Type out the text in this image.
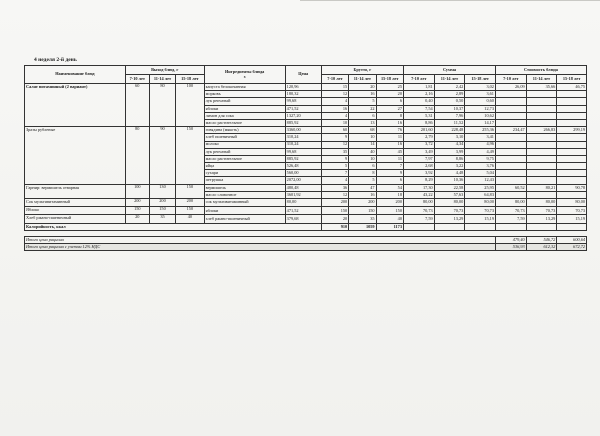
4 неделя 2-й день
Наименование блюд	Выход блюд, г			Ингредиенты блюда
з	Цена	Брутто, г			Сумма			Стоимость блюда		
	7-10 лет	11-14 лет	15-18 лет			7-10 лет	11-14 лет	15-18 лет	7-10 лет	11-14 лет	15-18 лет	7-10 лет	11-14 лет	15-18 лет
Салат витаминный (2 вариант)	60	80	100	капуста белокочанная	120,96	15	20	25	1,81	2,42	3,02	26,09	35,66	46,75
				морковь	180,32	12	16	20	2,16	2,89	3,61			
				лук репчатый	99,68	4	5	6	0,40	0,50	0,60			
				яблоки	471,52	16	22	27	7,54	10,37	12,73			
				лимон для сока	1327,20	4	6	8	5,31	7,96	10,62			
				масло растительное	885,92	10	13	16	8,86	11,52	14,17			
Зразы рубленые	80	90	150	говядина (мякоть)	3360,00	60	68	76	201,60	228,48	255,36	234,47	266,83	299,19
				хлеб пшеничный	310,24	9	10	11	2,79	3,10	3,41			
				молоко	310,24	12	14	16	3,72	4,34	4,96			
				лук репчатый	99,68	35	40	45	3,49	3,99	4,49			
				масло растительное	885,92	9	10	11	7,97	8,86	9,75			
				яйца	526,48	5	6	7	2,68	3,22	3,76			
				сухари	560,00	7	8	9	3,92	4,48	5,04			
				петрушка	2072,00	4	5	6	8,29	10,36	12,43			
Гарнир: вермишель отварная	100	130	150	вермишель	480,48	36	47	54	17,30	22,58	25,95	60,52	80,21	90,78
				масло сливочное	3601,92	12	16	18	43,22	57,63	64,83			
Сок мультивитаминный	200	200	200	сок мультивитаминный	80,00	200	200	200	80,00	80,00	80,00	80,00	80,00	80,00
Яблоко	150	150	150	яблоки	471,52	150	150	150	70,73	70,73	70,73	70,73	70,73	70,73
Хлеб ржано-пшеничный	20	35	40	хлеб ржано-пшеничный	379,68	20	35	40	7,59	13,29	15,19	7,59	13,29	15,19
Калорийность, ккал						910	1059	1173						

Итого цена рациона												479,40	546,72	600,64
Итого цена рациона с учетом 12% НДС												536,93	612,32	672,72
